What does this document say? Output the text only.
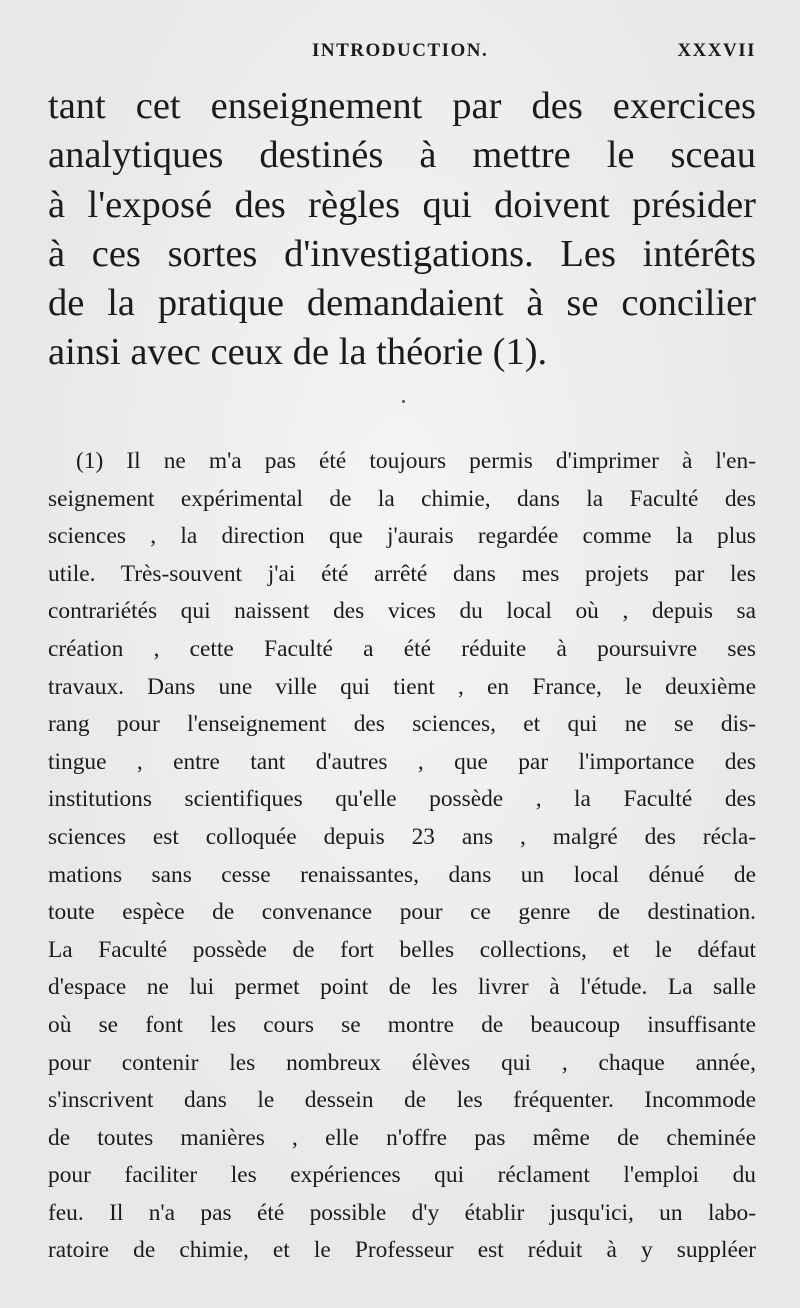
INTRODUCTION.	XXXVII
tant cet enseignement par des exercices
analytiques destinés à mettre le sceau
à l'exposé des règles qui doivent présider
à ces sortes d'investigations. Les intérêts
de la pratique demandaient à se concilier
ainsi avec ceux de la théorie (1).
(1) Il ne m'a pas été toujours permis d'imprimer à l'en-
seignement expérimental de la chimie, dans la Faculté des
sciences , la direction que j'aurais regardée comme la plus
utile. Très-souvent j'ai été arrêté dans mes projets par les
contrariétés qui naissent des vices du local où , depuis sa
création , cette Faculté a été réduite à poursuivre ses
travaux. Dans une ville qui tient , en France, le deuxième
rang pour l'enseignement des sciences, et qui ne se dis-
tingue , entre tant d'autres , que par l'importance des
institutions scientifiques qu'elle possède , la Faculté des
sciences est colloquée depuis 23 ans , malgré des récla-
mations sans cesse renaissantes, dans un local dénué de
toute espèce de convenance pour ce genre de destination.
La Faculté possède de fort belles collections, et le défaut
d'espace ne lui permet point de les livrer à l'étude. La salle
où se font les cours se montre de beaucoup insuffisante
pour contenir les nombreux élèves qui , chaque année,
s'inscrivent dans le dessein de les fréquenter. Incommode
de toutes manières , elle n'offre pas même de cheminée
pour faciliter les expériences qui réclament l'emploi du
feu. Il n'a pas été possible d'y établir jusqu'ici, un labo-
ratoire de chimie, et le Professeur est réduit à y suppléer
